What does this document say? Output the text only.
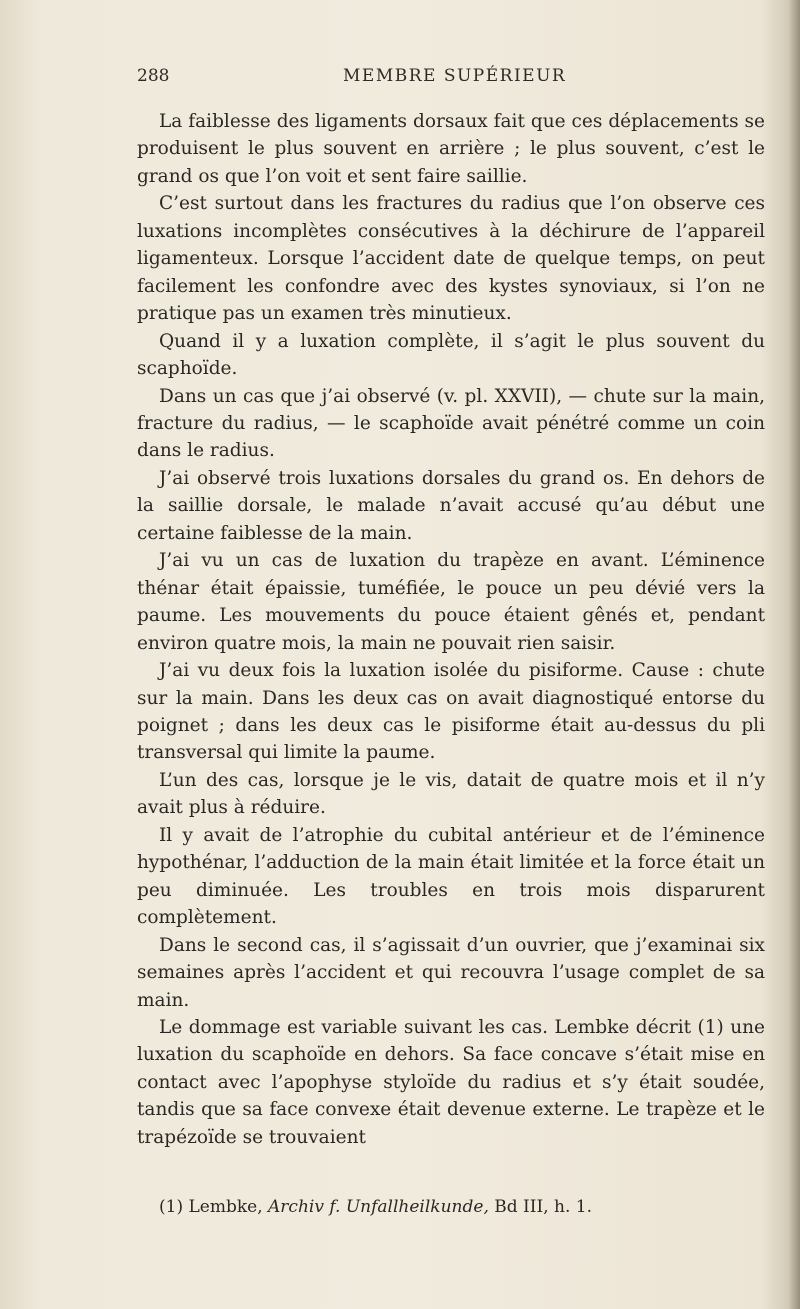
288	MEMBRE SUPÉRIEUR

La faiblesse des ligaments dorsaux fait que ces déplacements se produisent le plus souvent en arrière ; le plus souvent, c’est le grand os que l’on voit et sent faire saillie.

C’est surtout dans les fractures du radius que l’on observe ces luxations incomplètes consécutives à la déchirure de l’appareil ligamenteux. Lorsque l’accident date de quelque temps, on peut facilement les confondre avec des kystes synoviaux, si l’on ne pratique pas un examen très minutieux.

Quand il y a luxation complète, il s’agit le plus souvent du scaphoïde.

Dans un cas que j’ai observé (v. pl. XXVII), — chute sur la main, fracture du radius, — le scaphoïde avait pénétré comme un coin dans le radius.

J’ai observé trois luxations dorsales du grand os. En dehors de la saillie dorsale, le malade n’avait accusé qu’au début une certaine faiblesse de la main.

J’ai vu un cas de luxation du trapèze en avant. L’éminence thénar était épaissie, tuméfiée, le pouce un peu dévié vers la paume. Les mouvements du pouce étaient gênés et, pendant environ quatre mois, la main ne pouvait rien saisir.

J’ai vu deux fois la luxation isolée du pisiforme. Cause : chute sur la main. Dans les deux cas on avait diagnostiqué entorse du poignet ; dans les deux cas le pisiforme était au-dessus du pli transversal qui limite la paume.

L’un des cas, lorsque je le vis, datait de quatre mois et il n’y avait plus à réduire.

Il y avait de l’atrophie du cubital antérieur et de l’éminence hypothénar, l’adduction de la main était limitée et la force était un peu diminuée. Les troubles en trois mois disparurent complètement.

Dans le second cas, il s’agissait d’un ouvrier, que j’examinai six semaines après l’accident et qui recouvra l’usage complet de sa main.

Le dommage est variable suivant les cas. Lembke décrit (1) une luxation du scaphoïde en dehors. Sa face concave s’était mise en contact avec l’apophyse styloïde du radius et s’y était soudée, tandis que sa face convexe était devenue externe. Le trapèze et le trapézoïde se trouvaient

(1) Lembke, Archiv f. Unfallheilkunde, Bd III, h. 1.
